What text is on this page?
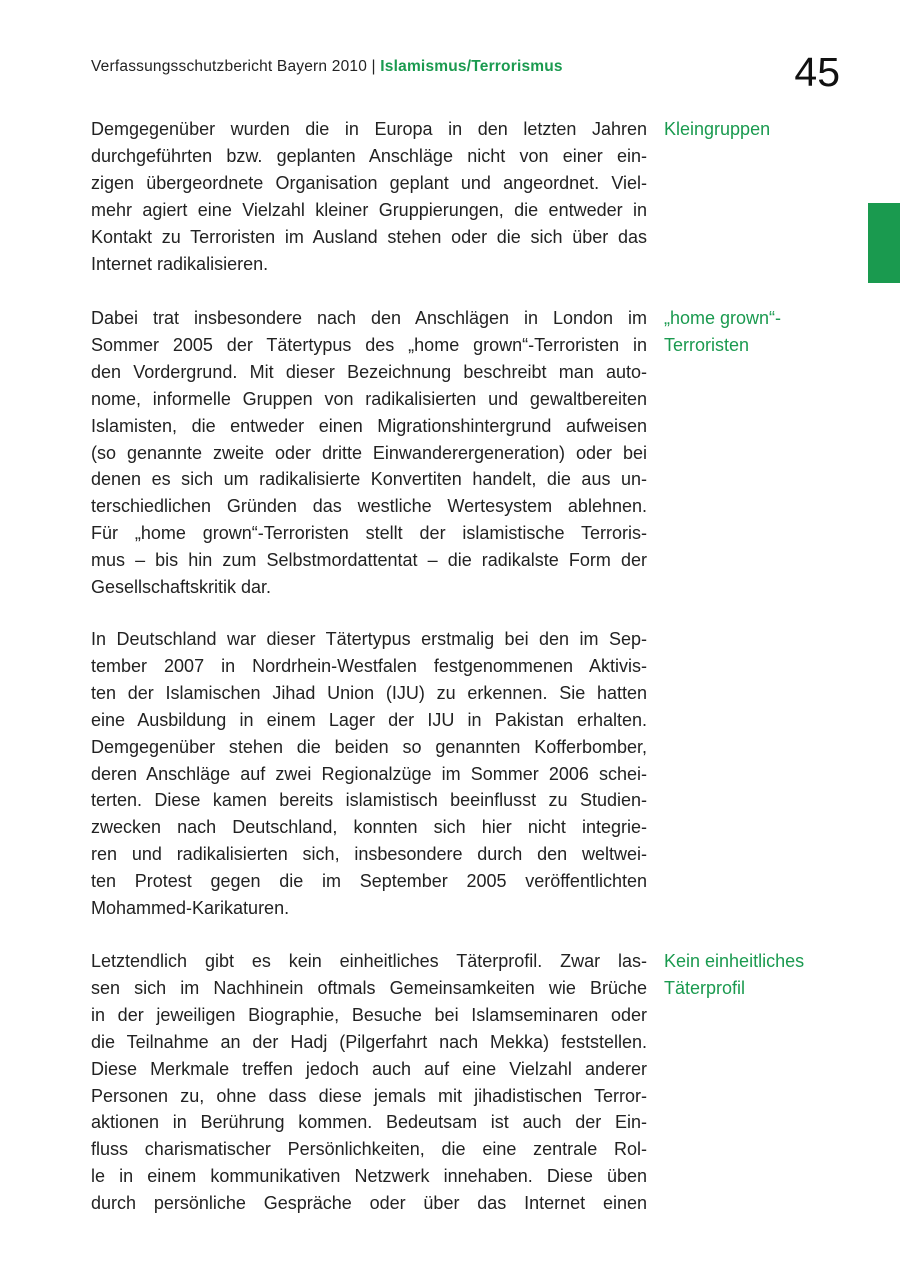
Verfassungsschutzbericht Bayern 2010 | Islamismus/Terrorismus	45
Demgegenüber wurden die in Europa in den letzten Jahren
durchgeführten bzw. geplanten Anschläge nicht von einer ein-
zigen übergeordnete Organisation geplant und angeordnet. Viel-
mehr agiert eine Vielzahl kleiner Gruppierungen, die entweder in
Kontakt zu Terroristen im Ausland stehen oder die sich über das
Internet radikalisieren.
Dabei trat insbesondere nach den Anschlägen in London im
Sommer 2005 der Tätertypus des „home grown“-Terroristen in
den Vordergrund. Mit dieser Bezeichnung beschreibt man auto-
nome, informelle Gruppen von radikalisierten und gewaltbereiten
Islamisten, die entweder einen Migrationshintergrund aufweisen
(so genannte zweite oder dritte Einwanderergeneration) oder bei
denen es sich um radikalisierte Konvertiten handelt, die aus un-
terschiedlichen Gründen das westliche Wertesystem ablehnen.
Für „home grown“-Terroristen stellt der islamistische Terroris-
mus – bis hin zum Selbstmordattentat – die radikalste Form der
Gesellschaftskritik dar.
In Deutschland war dieser Tätertypus erstmalig bei den im Sep-
tember 2007 in Nordrhein-Westfalen festgenommenen Aktivis-
ten der Islamischen Jihad Union (IJU) zu erkennen. Sie hatten
eine Ausbildung in einem Lager der IJU in Pakistan erhalten.
Demgegenüber stehen die beiden so genannten Kofferbomber,
deren Anschläge auf zwei Regionalzüge im Sommer 2006 schei-
terten. Diese kamen bereits islamistisch beeinflusst zu Studien-
zwecken nach Deutschland, konnten sich hier nicht integrie-
ren und radikalisierten sich, insbesondere durch den weltwei-
ten Protest gegen die im September 2005 veröffentlichten
Mohammed-Karikaturen.
Letztendlich gibt es kein einheitliches Täterprofil. Zwar las-
sen sich im Nachhinein oftmals Gemeinsamkeiten wie Brüche
in der jeweiligen Biographie, Besuche bei Islamseminaren oder
die Teilnahme an der Hadj (Pilgerfahrt nach Mekka) feststellen.
Diese Merkmale treffen jedoch auch auf eine Vielzahl anderer
Personen zu, ohne dass diese jemals mit jihadistischen Terror-
aktionen in Berührung kommen. Bedeutsam ist auch der Ein-
fluss charismatischer Persönlichkeiten, die eine zentrale Rol-
le in einem kommunikativen Netzwerk innehaben. Diese üben
durch persönliche Gespräche oder über das Internet einen
Kleingruppen
„home grown“-
Terroristen
Kein einheitliches
Täterprofil
